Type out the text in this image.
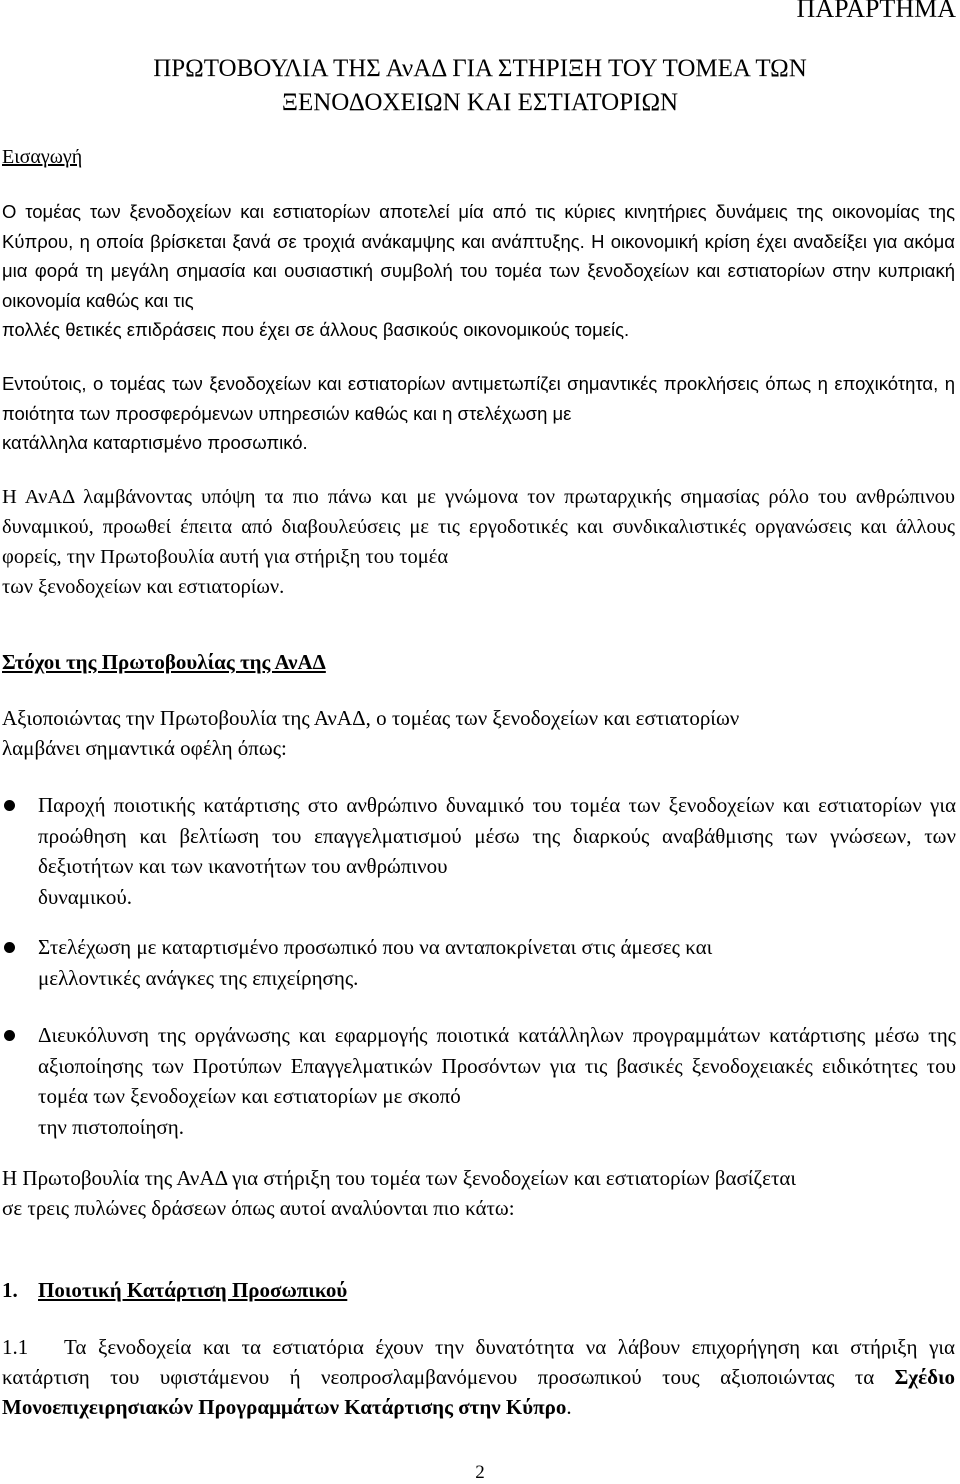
ΠΑΡΑΡΤΗΜΑ
ΠΡΩΤΟΒΟΥΛΙΑ ΤΗΣ ΑνΑΔ ΓΙΑ ΣΤΗΡΙΞΗ ΤΟΥ ΤΟΜΕΑ ΤΩΝ
ΞΕΝΟΔΟΧΕΙΩΝ ΚΑΙ ΕΣΤΙΑΤΟΡΙΩΝ
Εισαγωγή
Ο τομέας των ξενοδοχείων και εστιατορίων αποτελεί μία από τις κύριες κινητήριες δυνάμεις της οικονομίας της Κύπρου, η οποία βρίσκεται ξανά σε τροχιά ανάκαμψης και ανάπτυξης. Η οικονομική κρίση έχει αναδείξει για ακόμα μια φορά τη μεγάλη σημασία και ουσιαστική συμβολή του τομέα των ξενοδοχείων και εστιατορίων στην κυπριακή οικονομία καθώς και τις
πολλές θετικές επιδράσεις που έχει σε άλλους βασικούς οικονομικούς τομείς.
Εντούτοις, ο τομέας των ξενοδοχείων και εστιατορίων αντιμετωπίζει σημαντικές προκλήσεις όπως η εποχικότητα, η ποιότητα των προσφερόμενων υπηρεσιών καθώς και η στελέχωση με
κατάλληλα καταρτισμένο προσωπικό.
Η ΑνΑΔ λαμβάνοντας υπόψη τα πιο πάνω και με γνώμονα τον πρωταρχικής σημασίας ρόλο του ανθρώπινου δυναμικού, προωθεί έπειτα από διαβουλεύσεις με τις εργοδοτικές και συνδικαλιστικές οργανώσεις και άλλους φορείς, την Πρωτοβουλία αυτή για στήριξη του τομέα
των ξενοδοχείων και εστιατορίων.
Στόχοι της Πρωτοβουλίας της ΑνΑΔ
Αξιοποιώντας την Πρωτοβουλία της ΑνΑΔ, ο τομέας των ξενοδοχείων και εστιατορίων
λαμβάνει σημαντικά οφέλη όπως:
Παροχή ποιοτικής κατάρτισης στο ανθρώπινο δυναμικό του τομέα των ξενοδοχείων και εστιατορίων για προώθηση και βελτίωση του επαγγελματισμού μέσω της διαρκούς αναβάθμισης των γνώσεων, των δεξιοτήτων και των ικανοτήτων του ανθρώπινου
δυναμικού.
Στελέχωση με καταρτισμένο προσωπικό που να ανταποκρίνεται στις άμεσες και
μελλοντικές ανάγκες της επιχείρησης.
Διευκόλυνση της οργάνωσης και εφαρμογής ποιοτικά κατάλληλων προγραμμάτων κατάρτισης μέσω της αξιοποίησης των Προτύπων Επαγγελματικών Προσόντων για τις βασικές ξενοδοχειακές ειδικότητες του τομέα των ξενοδοχείων και εστιατορίων με σκοπό
την πιστοποίηση.
Η Πρωτοβουλία της ΑνΑΔ για στήριξη του τομέα των ξενοδοχείων και εστιατορίων βασίζεται
σε τρεις πυλώνες δράσεων όπως αυτοί αναλύονται πιο κάτω:
1. Ποιοτική Κατάρτιση Προσωπικού
1.1 Τα ξενοδοχεία και τα εστιατόρια έχουν την δυνατότητα να λάβουν επιχορήγηση και στήριξη για κατάρτιση του υφιστάμενου ή νεοπροσλαμβανόμενου προσωπικού τους αξιοποιώντας τα Σχέδιο Μονοεπιχειρησιακών Προγραμμάτων Κατάρτισης στην Κύπρο.
2
